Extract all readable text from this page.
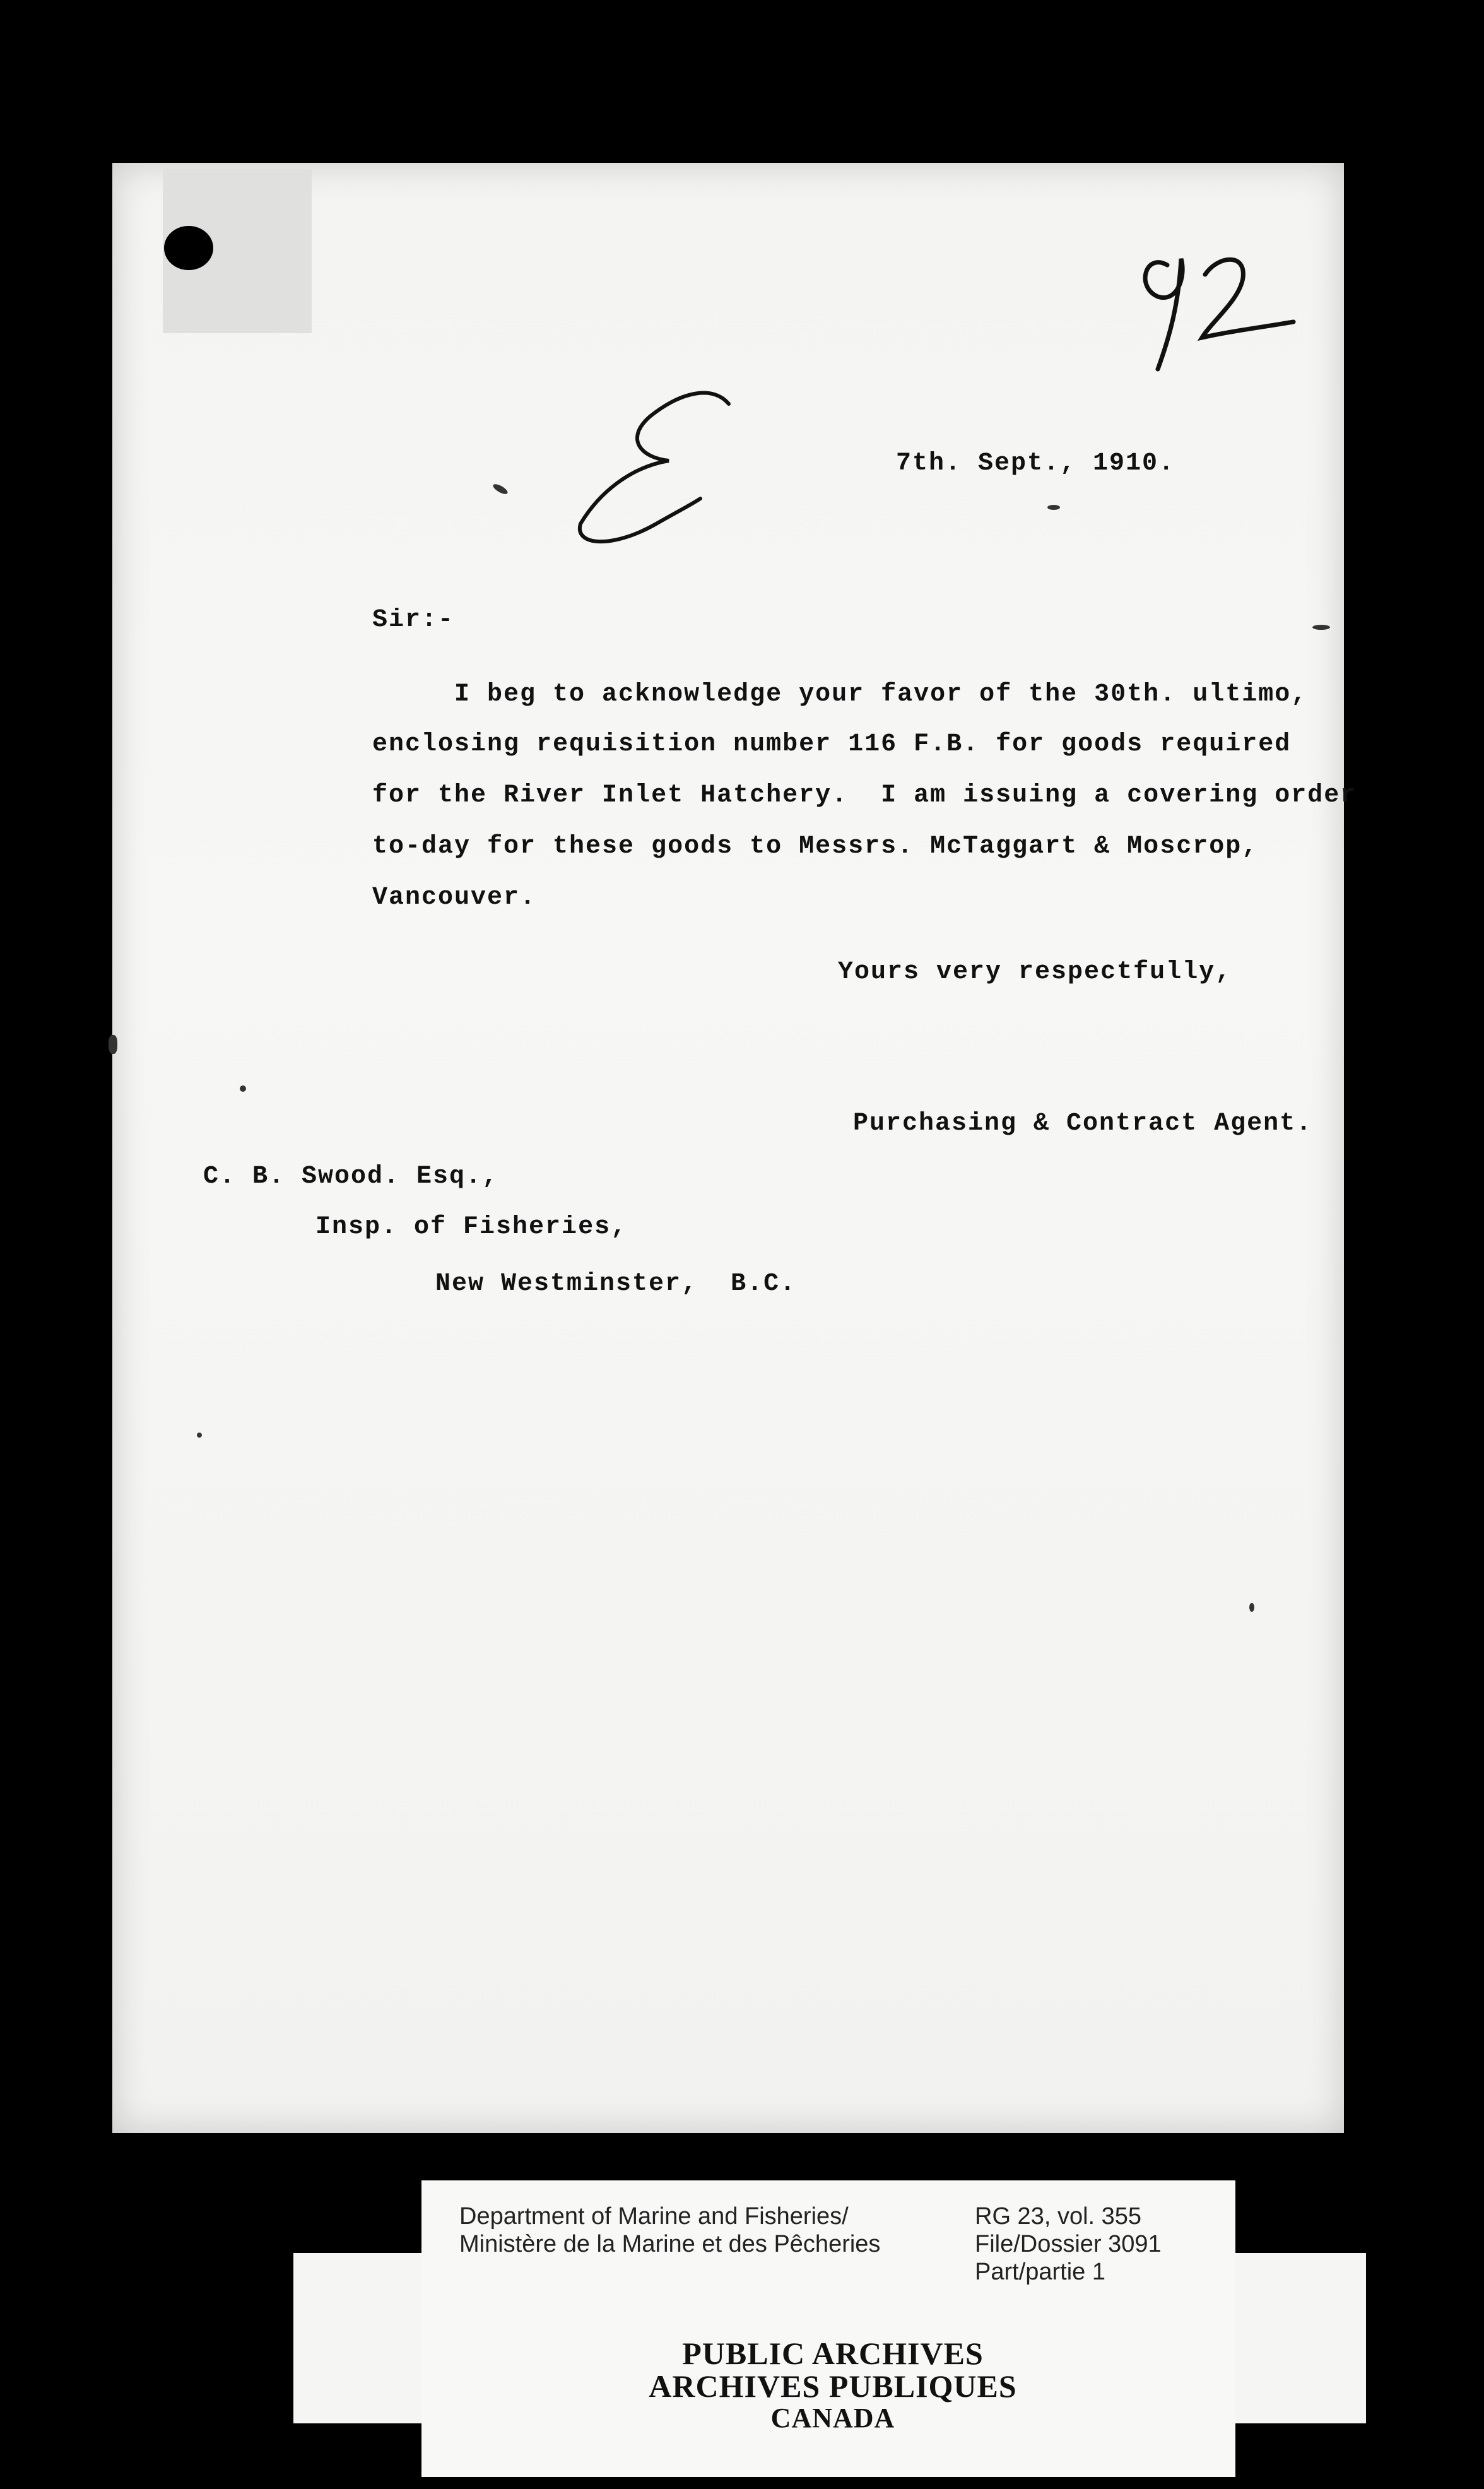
7th. Sept., 1910.
Sir:-
I beg to acknowledge your favor of the 30th. ultimo,
enclosing requisition number 116 F.B. for goods required
for the River Inlet Hatchery.  I am issuing a covering order
to-day for these goods to Messrs. McTaggart & Moscrop,
Vancouver.
Yours very respectfully,
Purchasing & Contract Agent.
C. B. Swood. Esq.,
Insp. of Fisheries,
New Westminster,  B.C.
Department of Marine and Fisheries/
Ministère de la Marine et des Pêcheries
RG 23, vol. 355
File/Dossier 3091
Part/partie 1
PUBLIC ARCHIVES
ARCHIVES PUBLIQUES
CANADA
